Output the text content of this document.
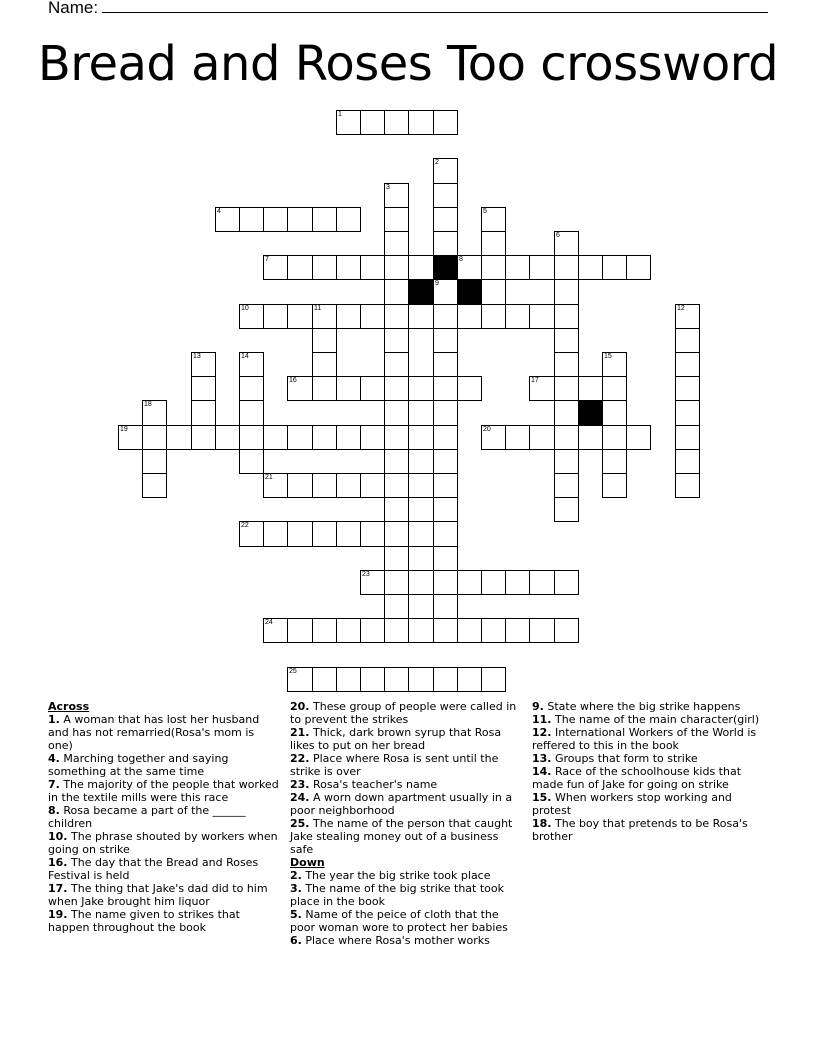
Name:
Bread and Roses Too crossword
1
2
9
3
4	5
6
7	8
10	11	12
13	14	15
16	17
18
19	20
21
22
23
24
25
Across

1. A woman that has lost her husband and has not remarried(Rosa's mom is one)

4. Marching together and saying something at the same time

7. The majority of the people that worked in the textile mills were this race

8. Rosa became a part of the ______ children

10. The phrase shouted by workers when going on strike

16. The day that the Bread and Roses Festival is held

17. The thing that Jake's dad did to him when Jake brought him liquor

19. The name given to strikes that happen throughout the book

20. These group of people were called in to prevent the strikes

21. Thick, dark brown syrup that Rosa likes to put on her bread

22. Place where Rosa is sent until the strike is over

23. Rosa's teacher's name

24. A worn down apartment usually in a poor neighborhood

25. The name of the person that caught Jake stealing money out of a business safe

Down

2. The year the big strike took place

3. The name of the big strike that took place in the book

5. Name of the peice of cloth that the poor woman wore to protect her babies

6. Place where Rosa's mother works

9. State where the big strike happens

11. The name of the main character(girl)

12. International Workers of the World is reffered to this in the book

13. Groups that form to strike

14. Race of the schoolhouse kids that made fun of Jake for going on strike

15. When workers stop working and protest

18. The boy that pretends to be Rosa's brother
